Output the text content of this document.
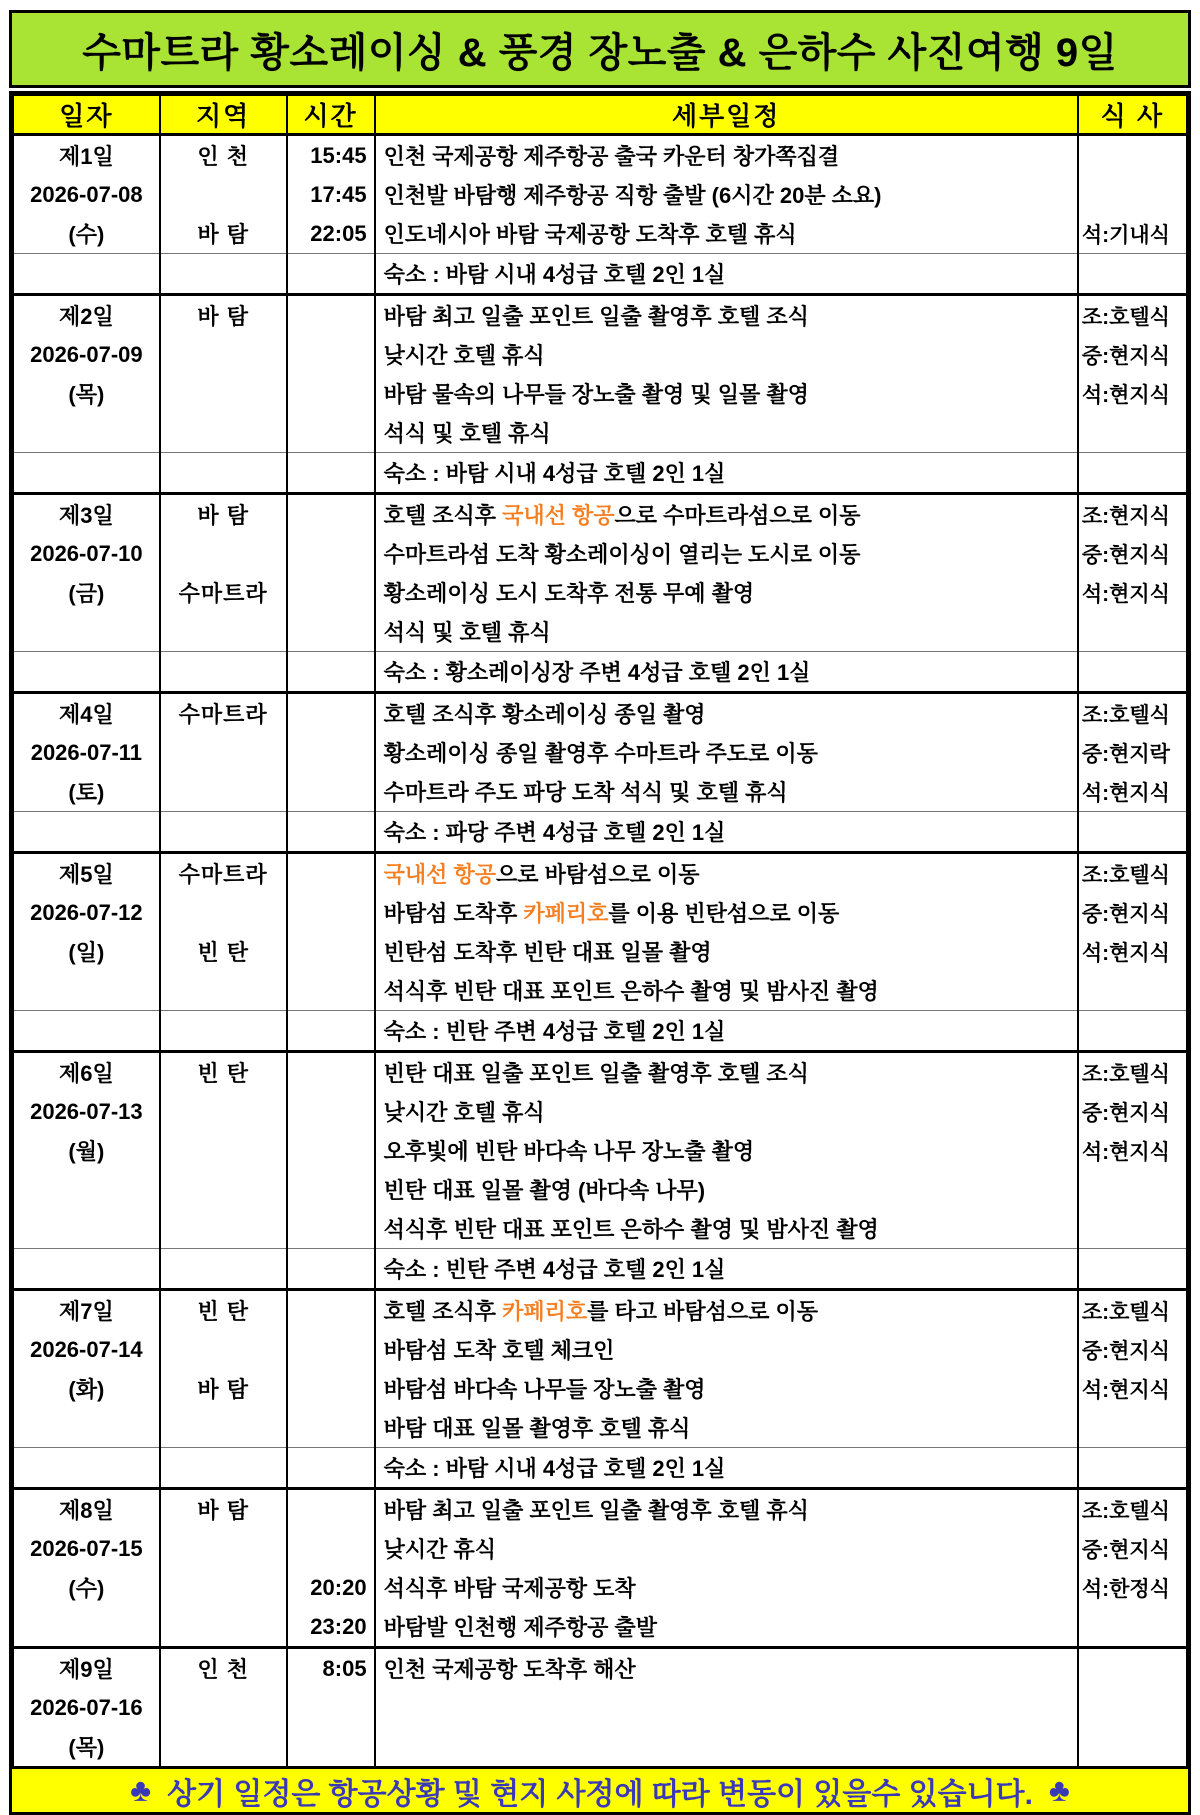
수마트라 황소레이싱 & 풍경 장노출 & 은하수 사진여행 9일
일자	지역	시간	세부일정	식 사
제1일	인 천	15:45	인천 국제공항 제주항공 출국 카운터 창가쪽집결	
2026-07-08		17:45	인천발 바탐행 제주항공 직항 출발 (6시간 20분 소요)	
(수)	바 탐	22:05	인도네시아 바탐 국제공항 도착후 호텔 휴식	석:기내식
			숙소 : 바탐 시내 4성급 호텔 2인 1실	
제2일	바 탐		바탐 최고 일출 포인트 일출 촬영후 호텔 조식	조:호텔식
2026-07-09			낮시간 호텔 휴식	중:현지식
(목)			바탐 물속의 나무들 장노출 촬영 및 일몰 촬영	석:현지식
			석식 및 호텔 휴식	
			숙소 : 바탐 시내 4성급 호텔 2인 1실	
제3일	바 탐		호텔 조식후 국내선 항공으로 수마트라섬으로 이동	조:현지식
2026-07-10			수마트라섬 도착 황소레이싱이 열리는 도시로 이동	중:현지식
(금)	수마트라		황소레이싱 도시 도착후 전통 무예 촬영	석:현지식
			석식 및 호텔 휴식	
			숙소 : 황소레이싱장 주변 4성급 호텔 2인 1실	
제4일	수마트라		호텔 조식후 황소레이싱 종일 촬영	조:호텔식
2026-07-11			황소레이싱 종일 촬영후 수마트라 주도로 이동	중:현지락
(토)			수마트라 주도 파당 도착 석식 및 호텔 휴식	석:현지식
			숙소 : 파당 주변 4성급 호텔 2인 1실	
제5일	수마트라		국내선 항공으로 바탐섬으로 이동	조:호텔식
2026-07-12			바탐섬 도착후 카페리호를 이용 빈탄섬으로 이동	중:현지식
(일)	빈 탄		빈탄섬 도착후 빈탄 대표 일몰 촬영	석:현지식
			석식후 빈탄 대표 포인트 은하수 촬영 및 밤사진 촬영	
			숙소 : 빈탄 주변 4성급 호텔 2인 1실	
제6일	빈 탄		빈탄 대표 일출 포인트 일출 촬영후 호텔 조식	조:호텔식
2026-07-13			낮시간 호텔 휴식	중:현지식
(월)			오후빛에 빈탄 바다속 나무 장노출 촬영	석:현지식
			빈탄 대표 일몰 촬영 (바다속 나무)	
			석식후 빈탄 대표 포인트 은하수 촬영 및 밤사진 촬영	
			숙소 : 빈탄 주변 4성급 호텔 2인 1실	
제7일	빈 탄		호텔 조식후 카페리호를 타고 바탐섬으로 이동	조:호텔식
2026-07-14			바탐섬 도착 호텔 체크인	중:현지식
(화)	바 탐		바탐섬 바다속 나무들 장노출 촬영	석:현지식
			바탐 대표 일몰 촬영후 호텔 휴식	
			숙소 : 바탐 시내 4성급 호텔 2인 1실	
제8일	바 탐		바탐 최고 일출 포인트 일출 촬영후 호텔 휴식	조:호텔식
2026-07-15			낮시간 휴식	중:현지식
(수)		20:20	석식후 바탐 국제공항 도착	석:한정식
		23:20	바탐발 인천행 제주항공 출발	
제9일	인 천	8:05	인천 국제공항 도착후 해산	
2026-07-16				
(목)				
♣ 상기 일정은 항공상황 및 현지 사정에 따라 변동이 있을수 있습니다. ♣
